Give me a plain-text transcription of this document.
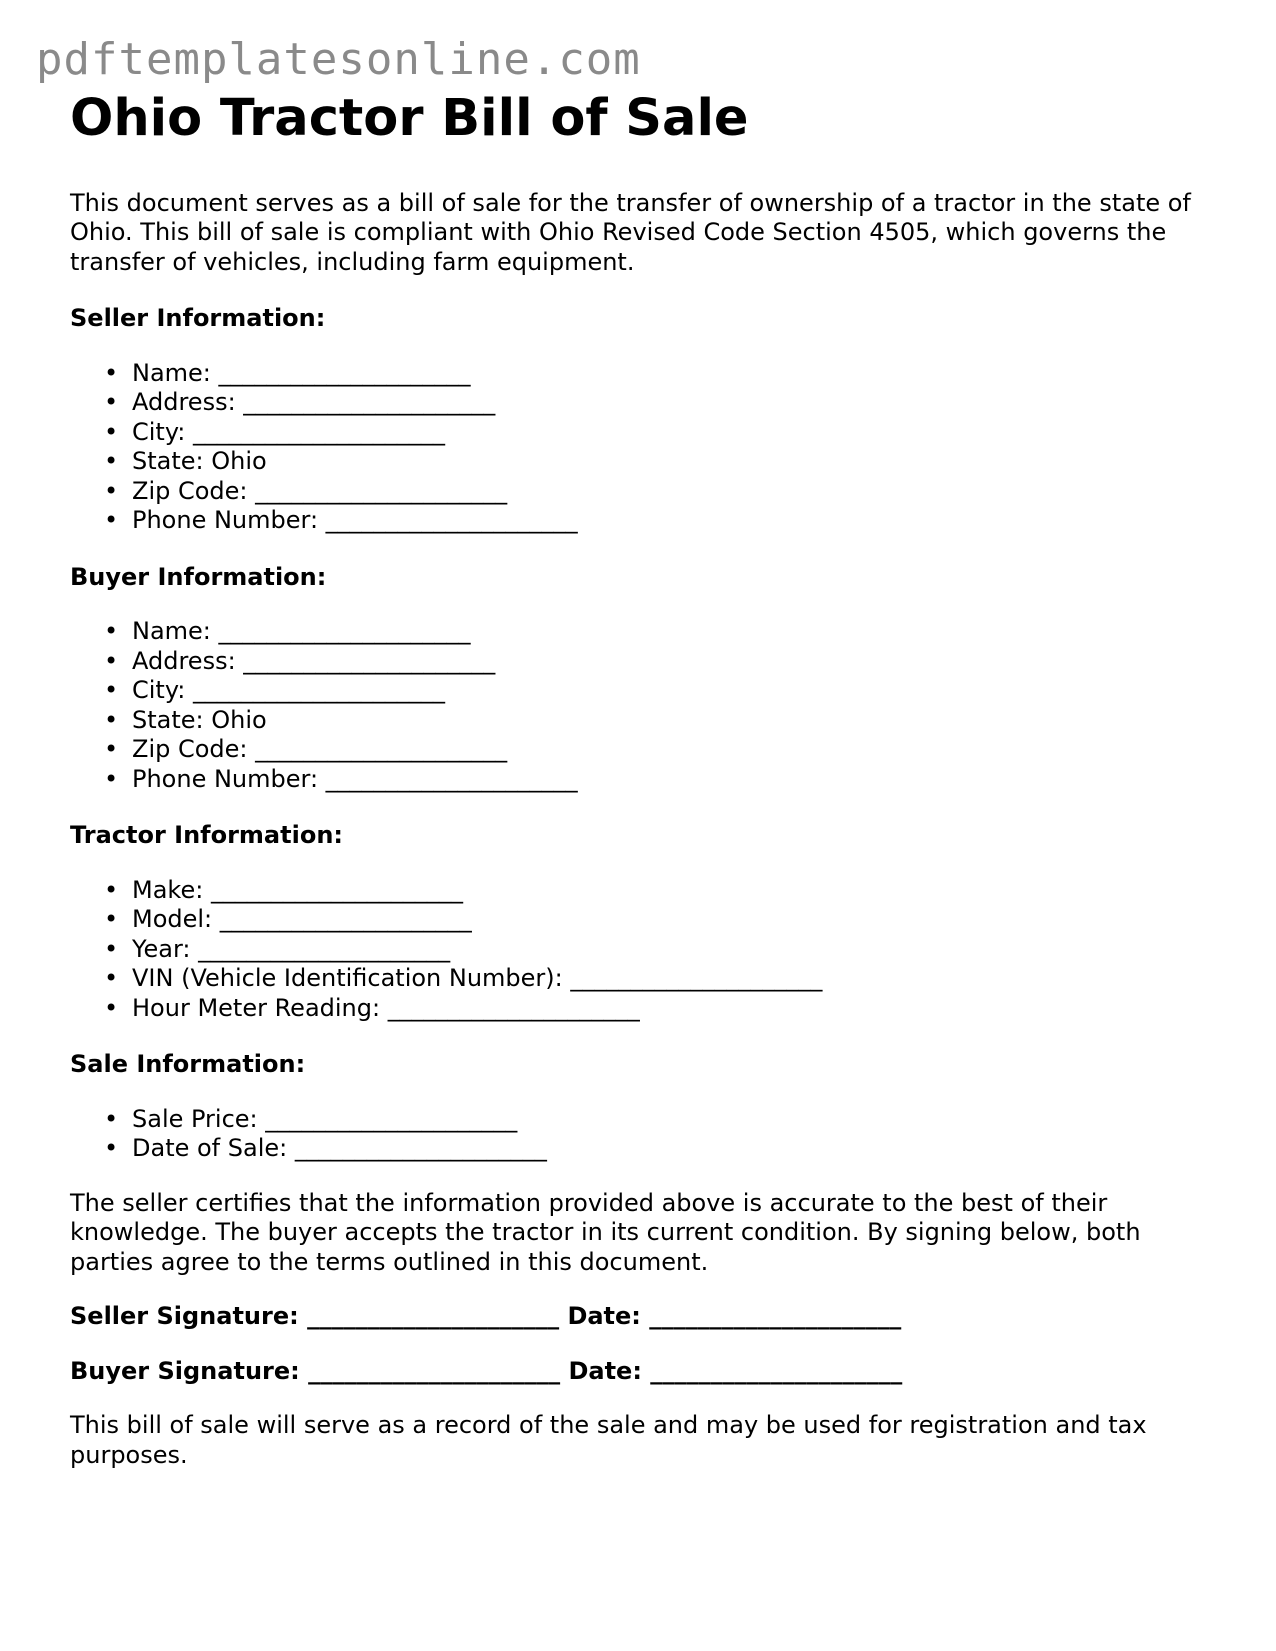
pdftemplatesonline.com
Ohio Tractor Bill of Sale

This document serves as a bill of sale for the transfer of ownership of a tractor in the state of Ohio. This bill of sale is compliant with Ohio Revised Code Section 4505, which governs the transfer of vehicles, including farm equipment.

Seller Information:
• Name: _____________________
• Address: _____________________
• City: _____________________
• State: Ohio
• Zip Code: _____________________
• Phone Number: _____________________
Buyer Information:
• Name: _____________________
• Address: _____________________
• City: _____________________
• State: Ohio
• Zip Code: _____________________
• Phone Number: _____________________
Tractor Information:
• Make: _____________________
• Model: _____________________
• Year: _____________________
• VIN (Vehicle Identification Number): _____________________
• Hour Meter Reading: _____________________
Sale Information:
• Sale Price: _____________________
• Date of Sale: _____________________

The seller certifies that the information provided above is accurate to the best of their knowledge. The buyer accepts the tractor in its current condition. By signing below, both parties agree to the terms outlined in this document.

Seller Signature: _____________________ Date: _____________________
Buyer Signature: _____________________ Date: _____________________

This bill of sale will serve as a record of the sale and may be used for registration and tax purposes.
